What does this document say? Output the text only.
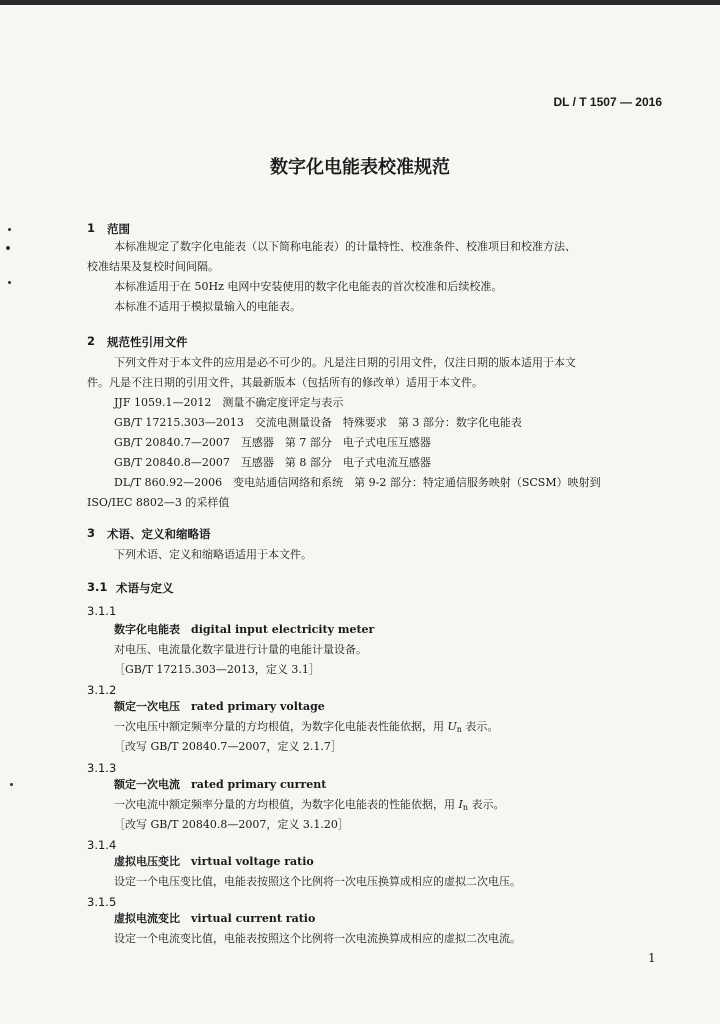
DL / T 1507 — 2016
数字化电能表校准规范
1 范围
本标准规定了数字化电能表（以下简称电能表）的计量特性、校准条件、校准项目和校准方法、
校准结果及复校时间间隔。
本标准适用于在 50Hz 电网中安装使用的数字化电能表的首次校准和后续校准。
本标准不适用于模拟量输入的电能表。
2 规范性引用文件
下列文件对于本文件的应用是必不可少的。凡是注日期的引用文件，仅注日期的版本适用于本文
件。凡是不注日期的引用文件，其最新版本（包括所有的修改单）适用于本文件。
JJF 1059.1—2012　测量不确定度评定与表示
GB/T 17215.303—2013　交流电测量设备　特殊要求　第 3 部分：数字化电能表
GB/T 20840.7—2007　互感器　第 7 部分　电子式电压互感器
GB/T 20840.8—2007　互感器　第 8 部分　电子式电流互感器
DL/T 860.92—2006　变电站通信网络和系统　第 9-2 部分：特定通信服务映射（SCSM）映射到
ISO/IEC 8802—3 的采样值
3 术语、定义和缩略语
下列术语、定义和缩略语适用于本文件。
3.1 术语与定义
3.1.1
数字化电能表　 digital input electricity meter
对电压、电流量化数字量进行计量的电能计量设备。
［GB/T 17215.303—2013，定义 3.1］
3.1.2
额定一次电压　 rated primary voltage
一次电压中额定频率分量的方均根值，为数字化电能表性能依据，用 $U_n$ 表示。
［改写 GB/T 20840.7—2007，定义 2.1.7］
3.1.3
额定一次电流　 rated primary current
一次电流中额定频率分量的方均根值，为数字化电能表的性能依据，用 $I_n$ 表示。
［改写 GB/T 20840.8—2007，定义 3.1.20］
3.1.4
虚拟电压变比　 virtual voltage ratio
设定一个电压变比值，电能表按照这个比例将一次电压换算成相应的虚拟二次电压。
3.1.5
虚拟电流变比　 virtual current ratio
设定一个电流变比值，电能表按照这个比例将一次电流换算成相应的虚拟二次电流。
1
